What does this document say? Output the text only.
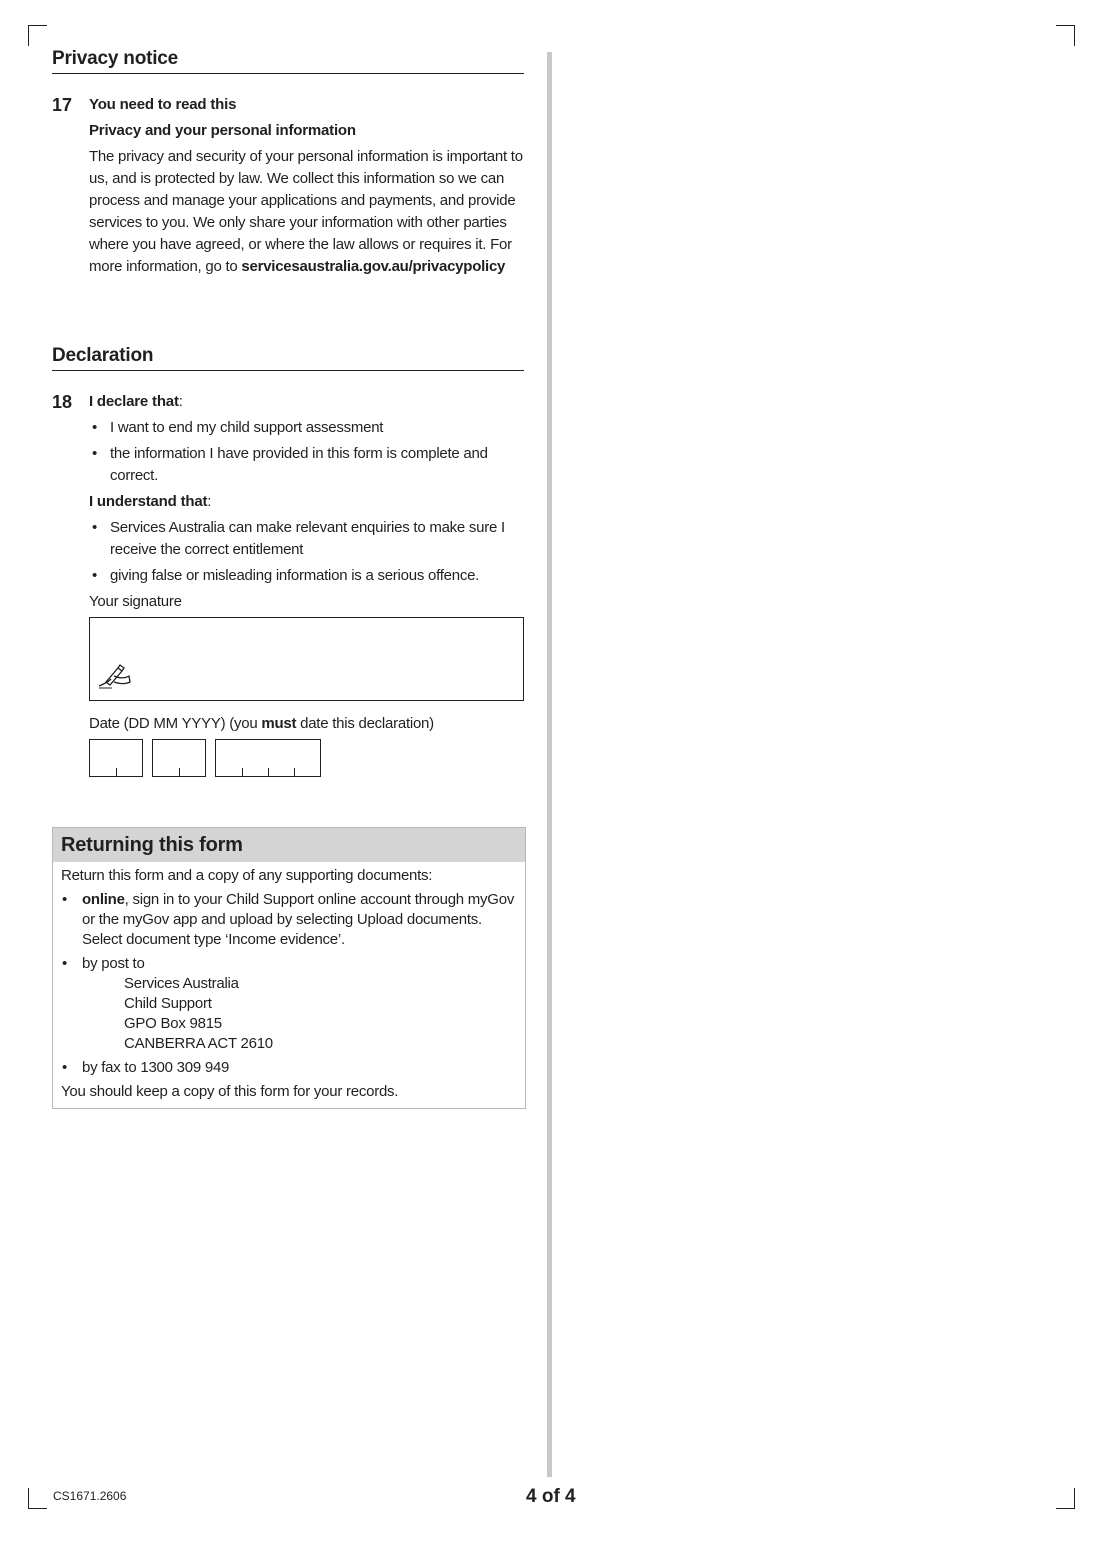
Privacy notice
17 You need to read this
Privacy and your personal information
The privacy and security of your personal information is important to us, and is protected by law. We collect this information so we can process and manage your applications and payments, and provide services to you. We only share your information with other parties where you have agreed, or where the law allows or requires it. For more information, go to servicesaustralia.gov.au/privacypolicy
Declaration
18 I declare that:
• I want to end my child support assessment
• the information I have provided in this form is complete and correct.
I understand that:
• Services Australia can make relevant enquiries to make sure I receive the correct entitlement
• giving false or misleading information is a serious offence.
Your signature
Date (DD MM YYYY) (you must date this declaration)
Returning this form
Return this form and a copy of any supporting documents:
• online, sign in to your Child Support online account through myGov or the myGov app and upload by selecting Upload documents. Select document type ‘Income evidence’.
• by post to
Services Australia
Child Support
GPO Box 9815
CANBERRA ACT 2610
• by fax to 1300 309 949
You should keep a copy of this form for your records.
CS1671.2606	4 of 4
